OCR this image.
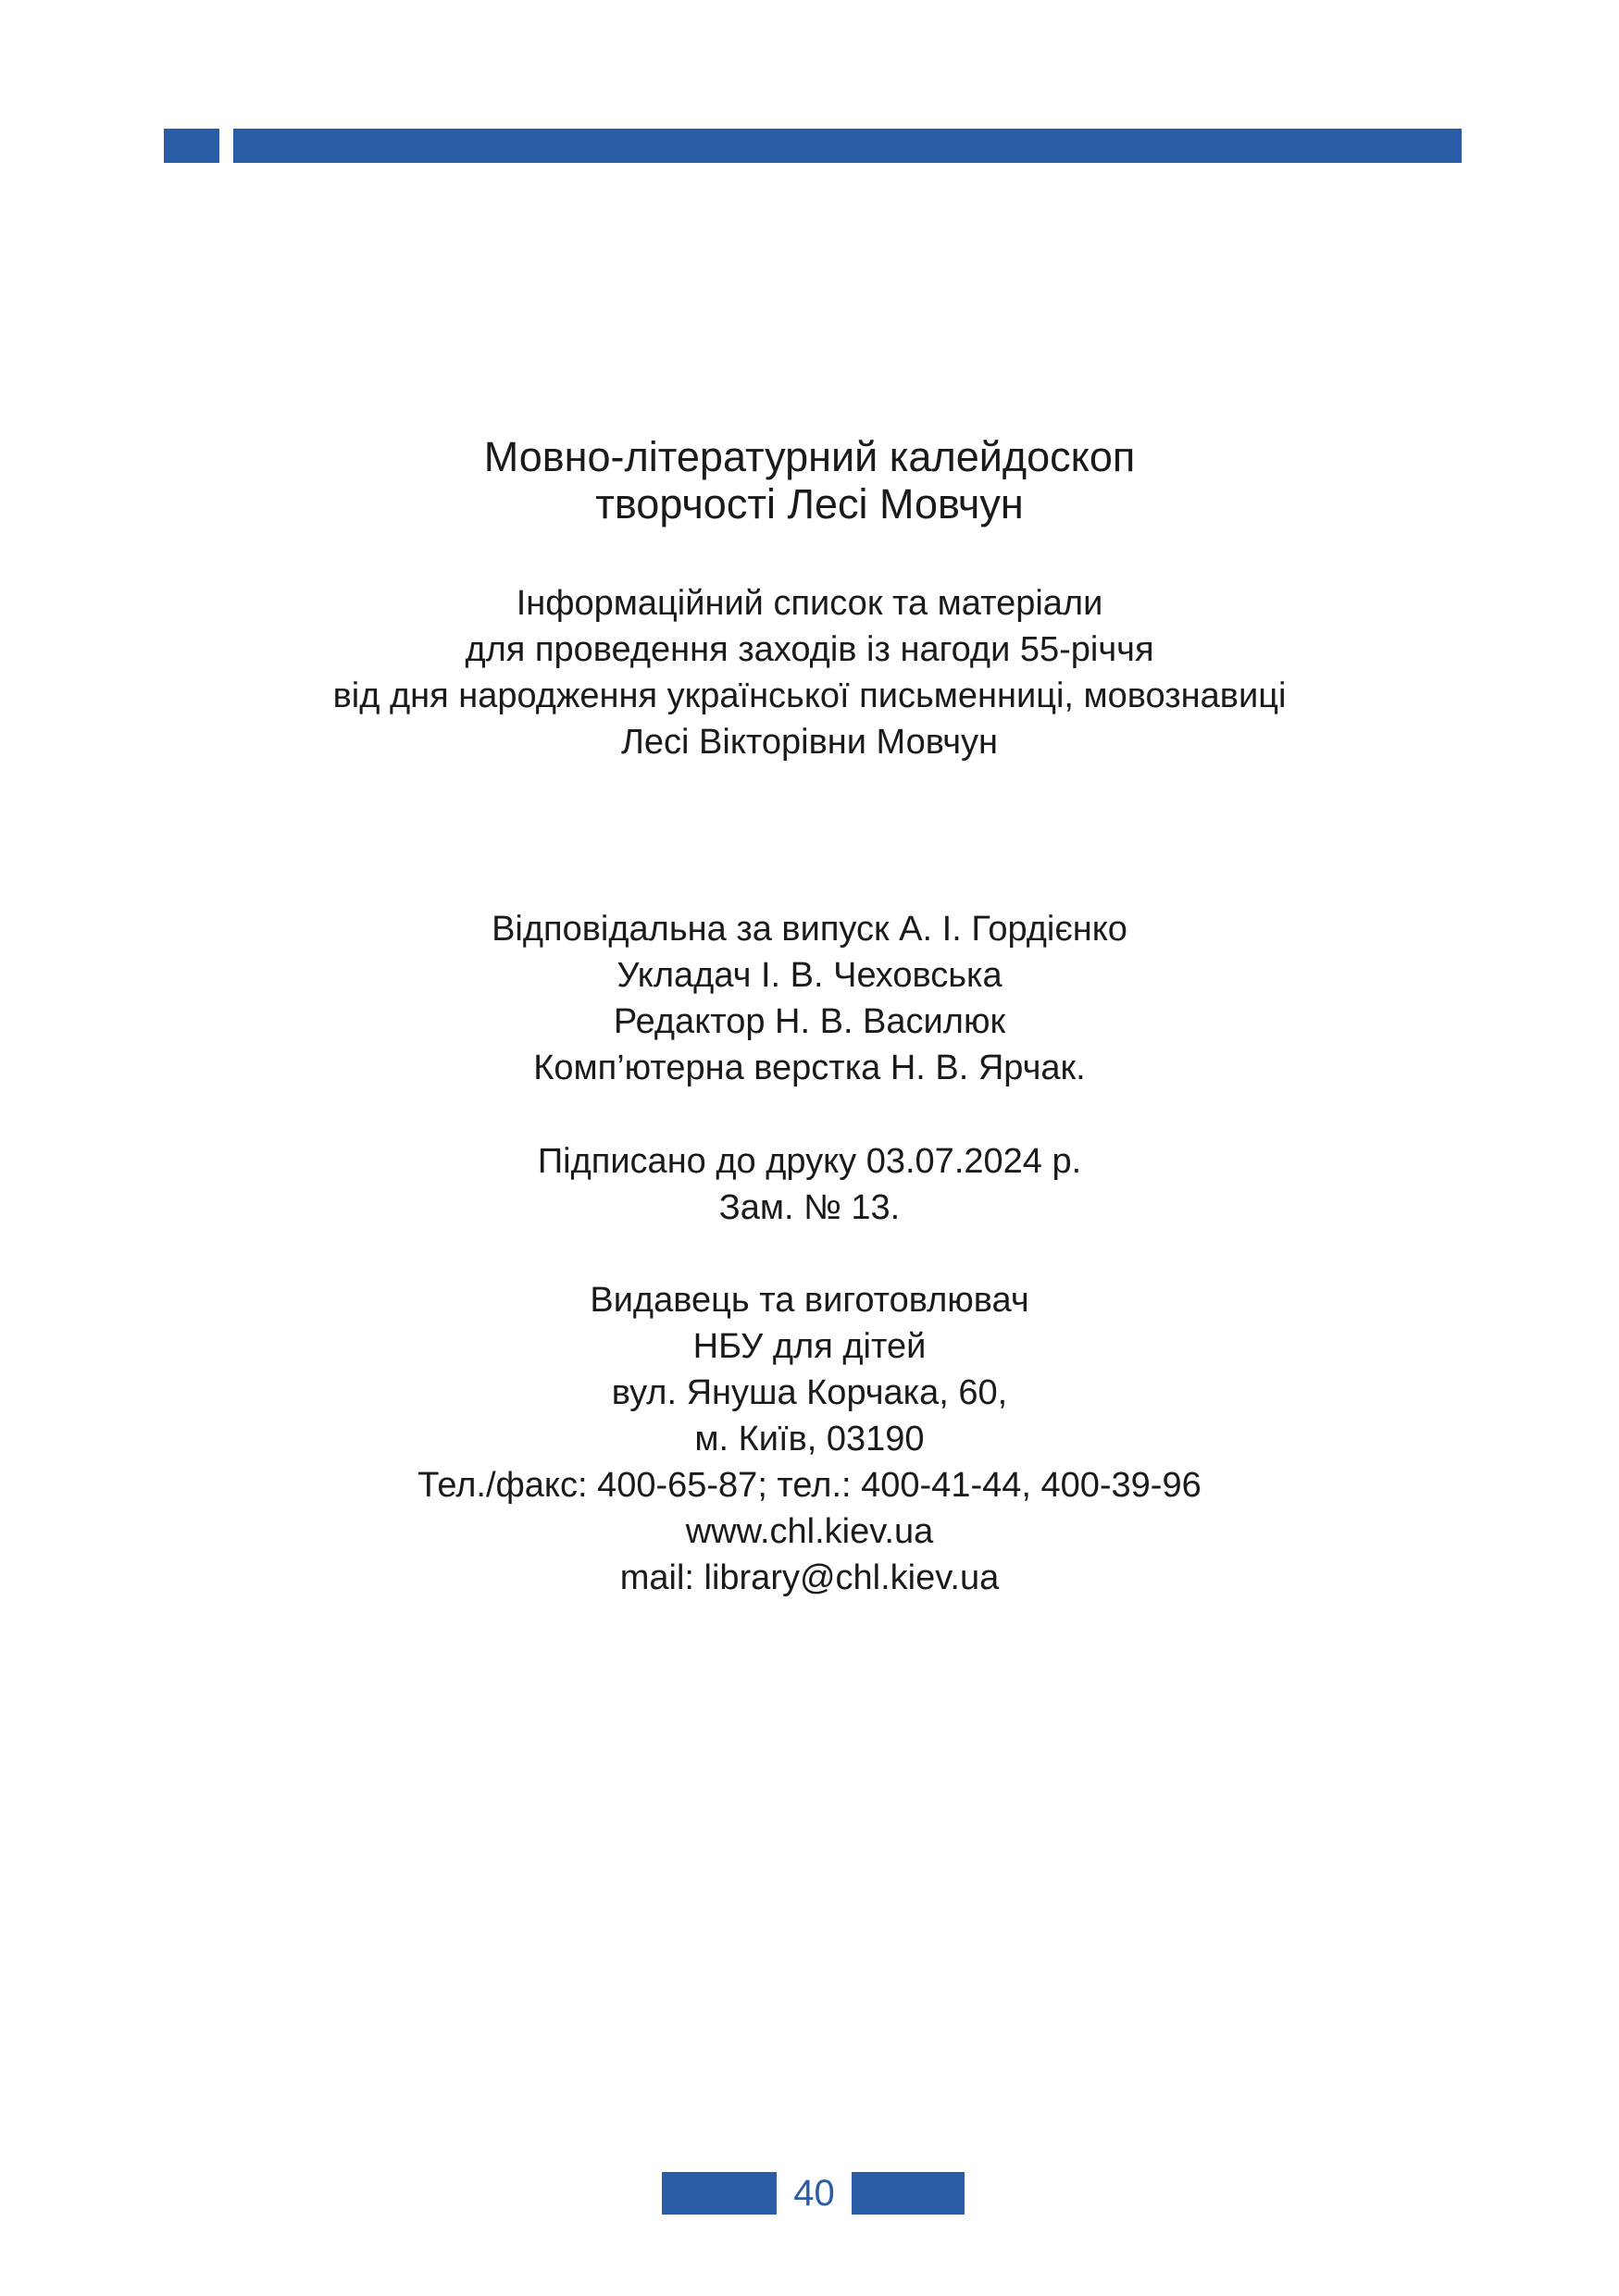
Мовно-літературний калейдоскоп
творчості Лесі Мовчун
Інформаційний список та матеріали
для проведення заходів із нагоди 55-річчя
від дня народження української письменниці, мовознавиці
Лесі Вікторівни Мовчун
Відповідальна за випуск А. І. Гордієнко
Укладач І. В. Чеховська
Редактор Н. В. Василюк
Комп’ютерна верстка Н. В. Ярчак.
Підписано до друку 03.07.2024 р.
Зам. № 13.
Видавець та виготовлювач
НБУ для дітей
вул. Януша Корчака, 60,
м. Київ, 03190
Тел./факс: 400-65-87; тел.: 400-41-44, 400-39-96
www.chl.kiev.ua
mail: library@chl.kiev.ua
40
